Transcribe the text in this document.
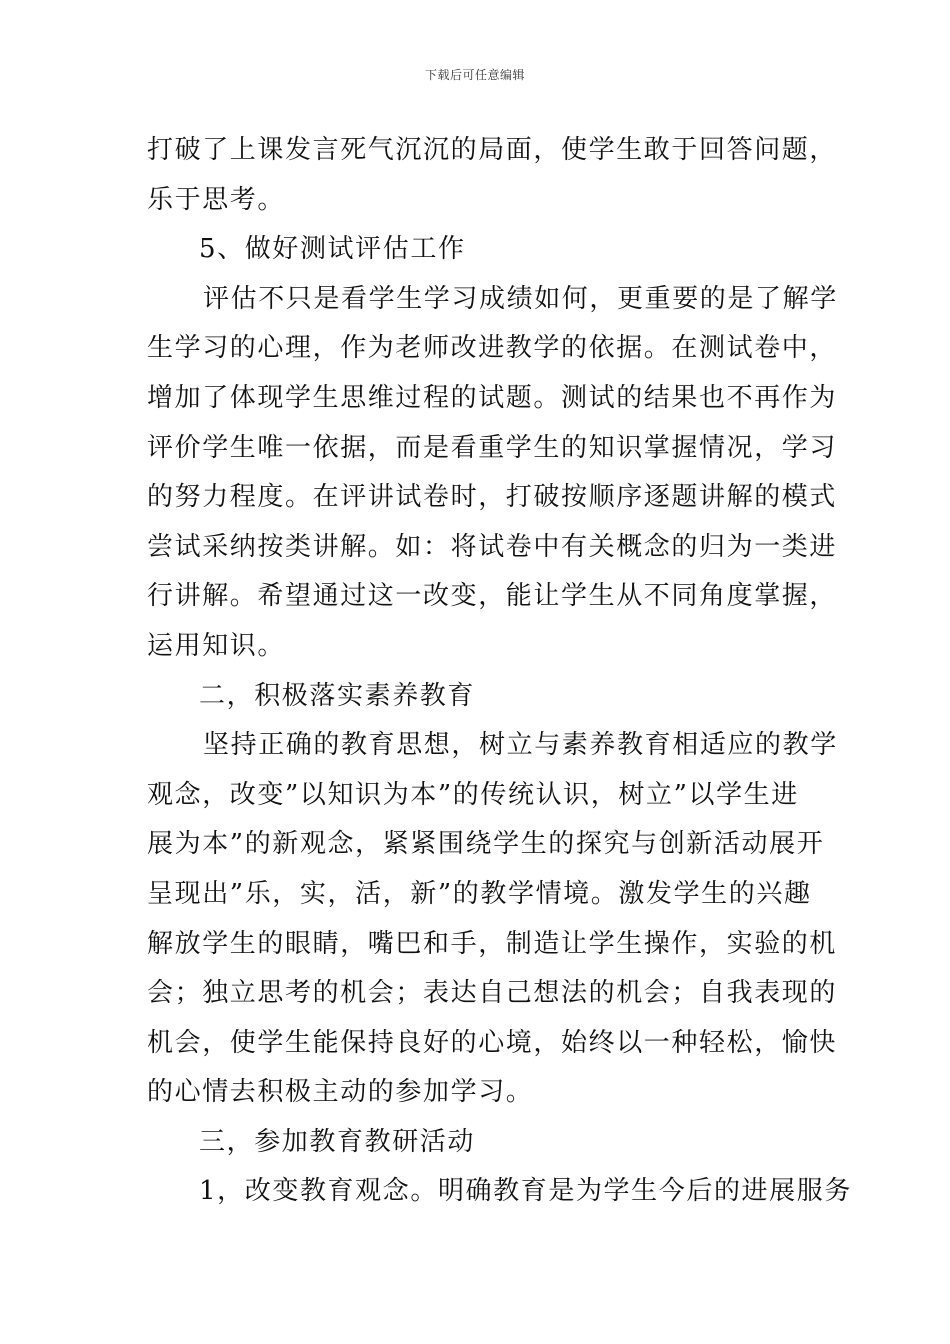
下载后可任意编辑
打破了上课发言死气沉沉的局面，使学生敢于回答问题，
乐于思考。
5、做好测试评估工作
评估不只是看学生学习成绩如何，更重要的是了解学
生学习的心理，作为老师改进教学的依据。在测试卷中，
增加了体现学生思维过程的试题。测试的结果也不再作为
评价学生唯一依据，而是看重学生的知识掌握情况，学习
的努力程度。在评讲试卷时，打破按顺序逐题讲解的模式
尝试采纳按类讲解。如：将试卷中有关概念的归为一类进
行讲解。希望通过这一改变，能让学生从不同角度掌握，
运用知识。
二，积极落实素养教育
坚持正确的教育思想，树立与素养教育相适应的教学
观念，改变”以知识为本”的传统认识，树立”以学生进
展为本”的新观念，紧紧围绕学生的探究与创新活动展开
呈现出”乐，实，活，新”的教学情境。激发学生的兴趣
解放学生的眼睛，嘴巴和手，制造让学生操作，实验的机
会；独立思考的机会；表达自己想法的机会；自我表现的
机会，使学生能保持良好的心境，始终以一种轻松，愉快
的心情去积极主动的参加学习。
三，参加教育教研活动
1，改变教育观念。明确教育是为学生今后的进展服务
